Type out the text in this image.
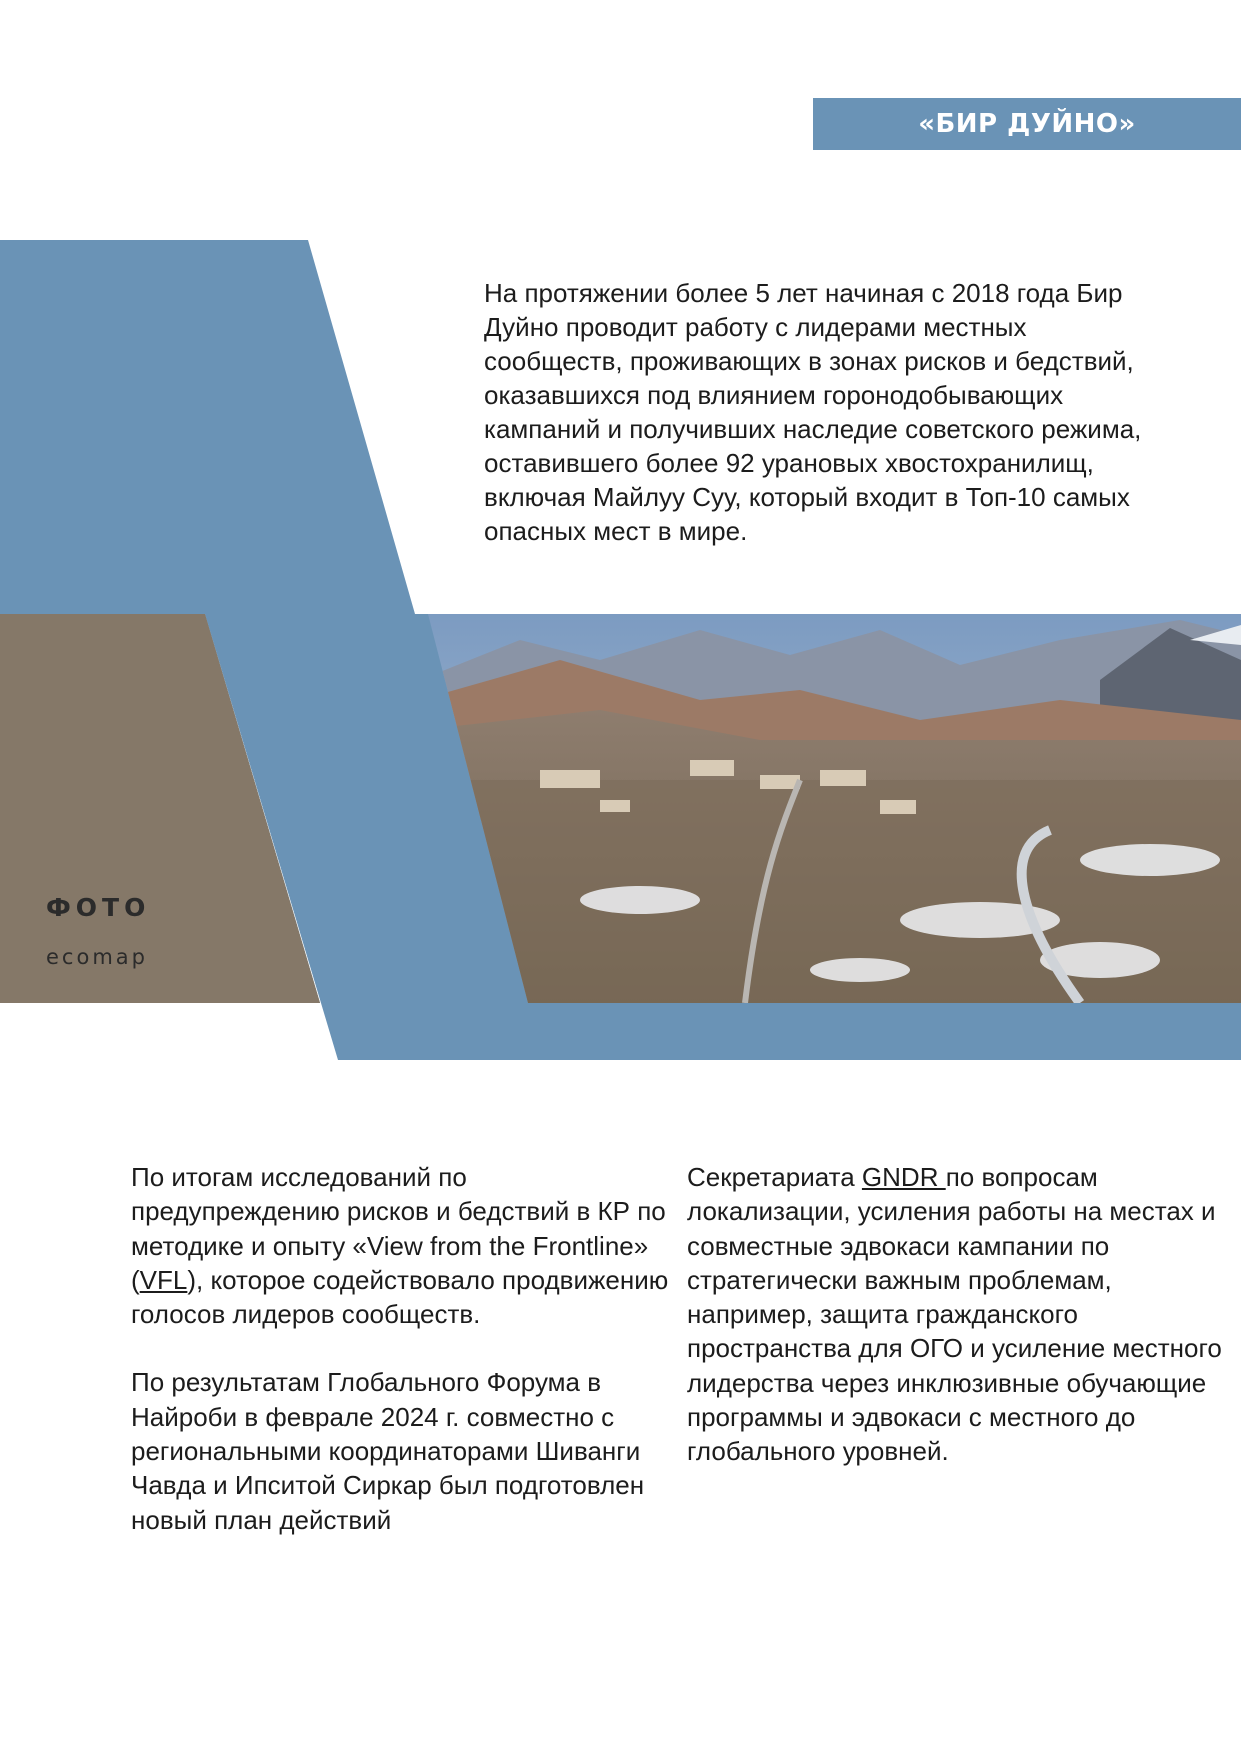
«БИР ДУЙНО»

На протяжении более 5 лет начиная с 2018 года Бир Дуйно проводит работу с лидерами местных сообществ, проживающих в зонах рисков и бедствий, оказавшихся под влиянием горонодобывающих кампаний и получивших наследие советского режима, оставившего более 92 урановых хвостохранилищ, включая Майлуу Суу, который входит в Топ-10 самых опасных мест в мире.

ФОТО
ecomap

По итогам исследований по предупреждению рисков и бедствий в КР по методике и опыту «View from the Frontline» (VFL), которое содействовало продвижению голосов лидеров сообществ.

По результатам Глобального Форума в Найроби в феврале 2024 г. совместно с региональными координаторами Шиванги Чавда и Ипситой Сиркар был подготовлен новый план действий

Секретариата GNDR по вопросам локализации, усиления работы на местах и совместные эдвокаси кампании по стратегически важным проблемам, например, защита гражданского пространства для ОГО и усиление местного лидерства через инклюзивные обучающие программы и эдвокаси с местного до глобального уровней.
